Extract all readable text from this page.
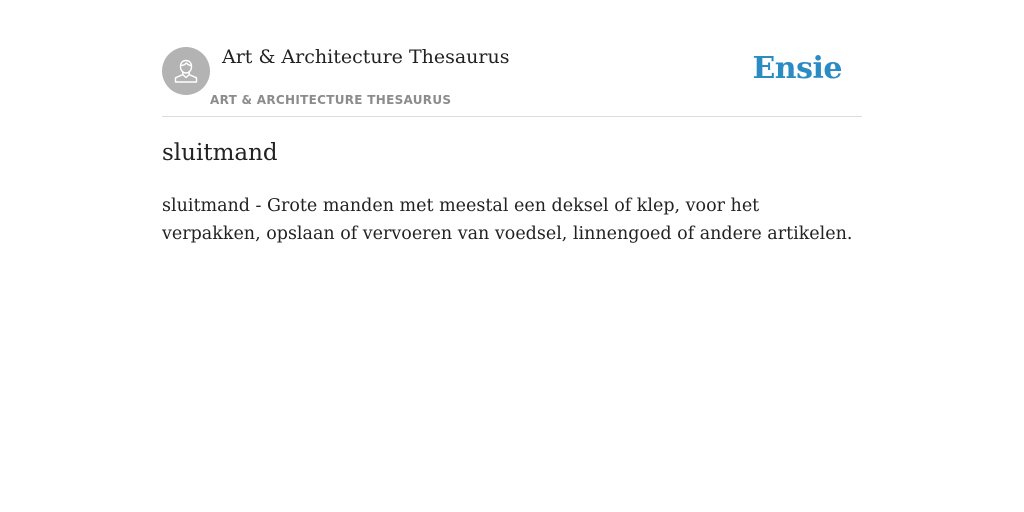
Art & Architecture Thesaurus
ART & ARCHITECTURE THESAURUS
Ensie
sluitmand

sluitmand - Grote manden met meestal een deksel of klep, voor het verpakken, opslaan of vervoeren van voedsel, linnengoed of andere artikelen.
